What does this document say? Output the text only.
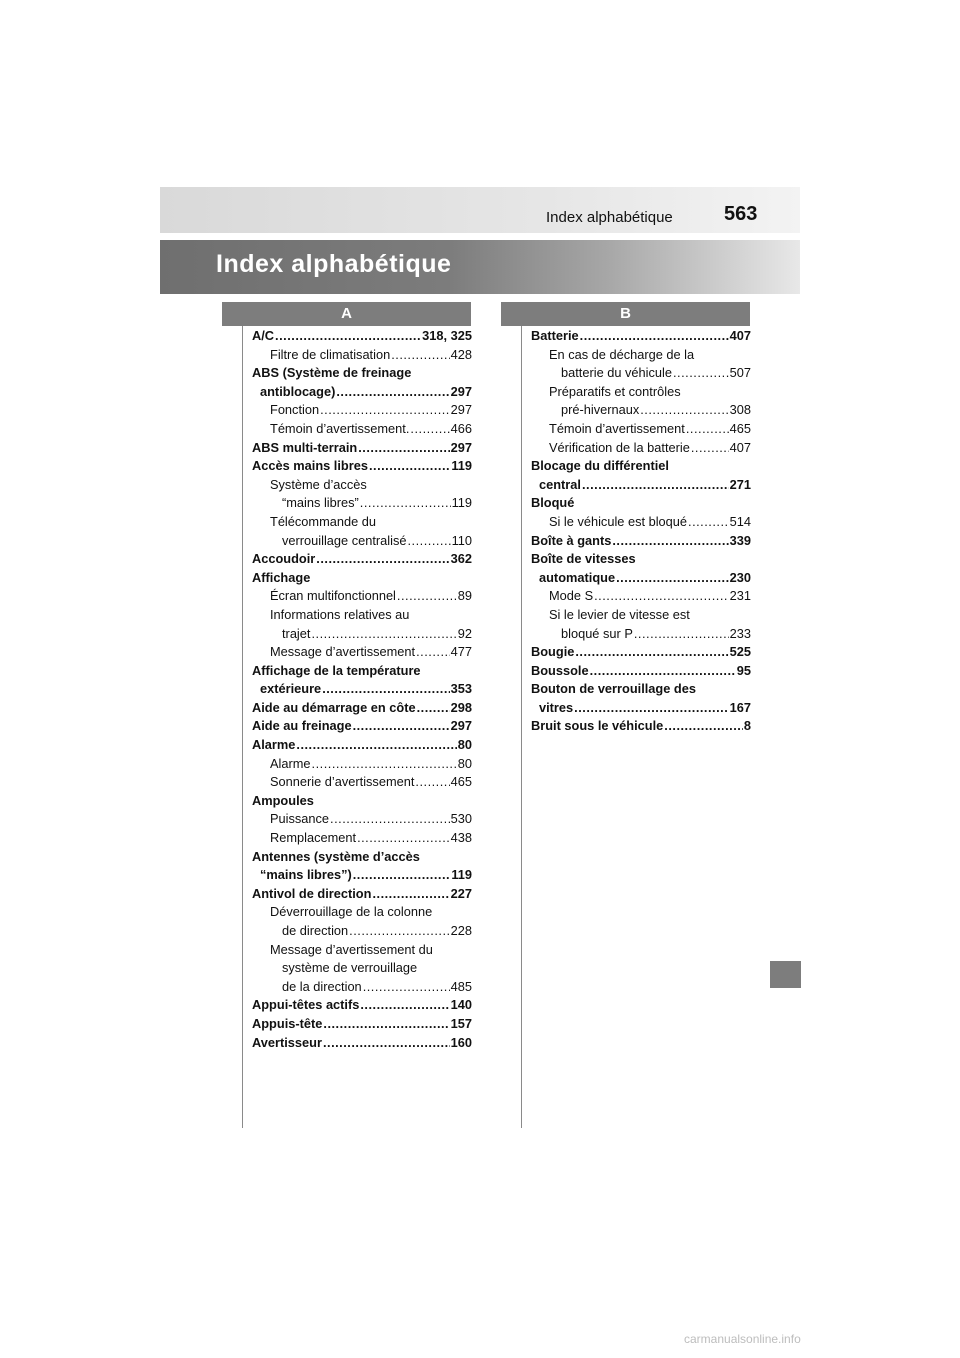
Index alphabétique	563
Index alphabétique
A	B
A/C .....	318, 325
Filtre de climatisation .....	428
ABS (Système de freinage
antiblocage) .....	297
Fonction .....	297
Témoin d’avertissement. .....	466
ABS multi-terrain .....	297
Accès mains libres .....	119
Système d’accès
“mains libres” .....	119
Télécommande du
verrouillage centralisé .....	110
Accoudoir .....	362
Affichage
Écran multifonctionnel .....	89
Informations relatives au
trajet .....	92
Message d’avertissement .....	477
Affichage de la température
extérieure .....	353
Aide au démarrage en côte .....	298
Aide au freinage .....	297
Alarme .....	80
Alarme .....	80
Sonnerie d’avertissement .....	465
Ampoules
Puissance .....	530
Remplacement .....	438
Antennes (système d’accès
“mains libres”) .....	119
Antivol de direction .....	227
Déverrouillage de la colonne
de direction .....	228
Message d’avertissement du
système de verrouillage
de la direction .....	485
Appui-têtes actifs .....	140
Appuis-tête .....	157
Avertisseur .....	160
Batterie .....	407
En cas de décharge de la
batterie du véhicule .....	507
Préparatifs et contrôles
pré-hivernaux .....	308
Témoin d’avertissement .....	465
Vérification de la batterie .....	407
Blocage du différentiel
central .....	271
Bloqué
Si le véhicule est bloqué .....	514
Boîte à gants .....	339
Boîte de vitesses
automatique .....	230
Mode S .....	231
Si le levier de vitesse est
bloqué sur P .....	233
Bougie .....	525
Boussole .....	95
Bouton de verrouillage des
vitres .....	167
Bruit sous le véhicule .....	8
carmanualsonline.info
